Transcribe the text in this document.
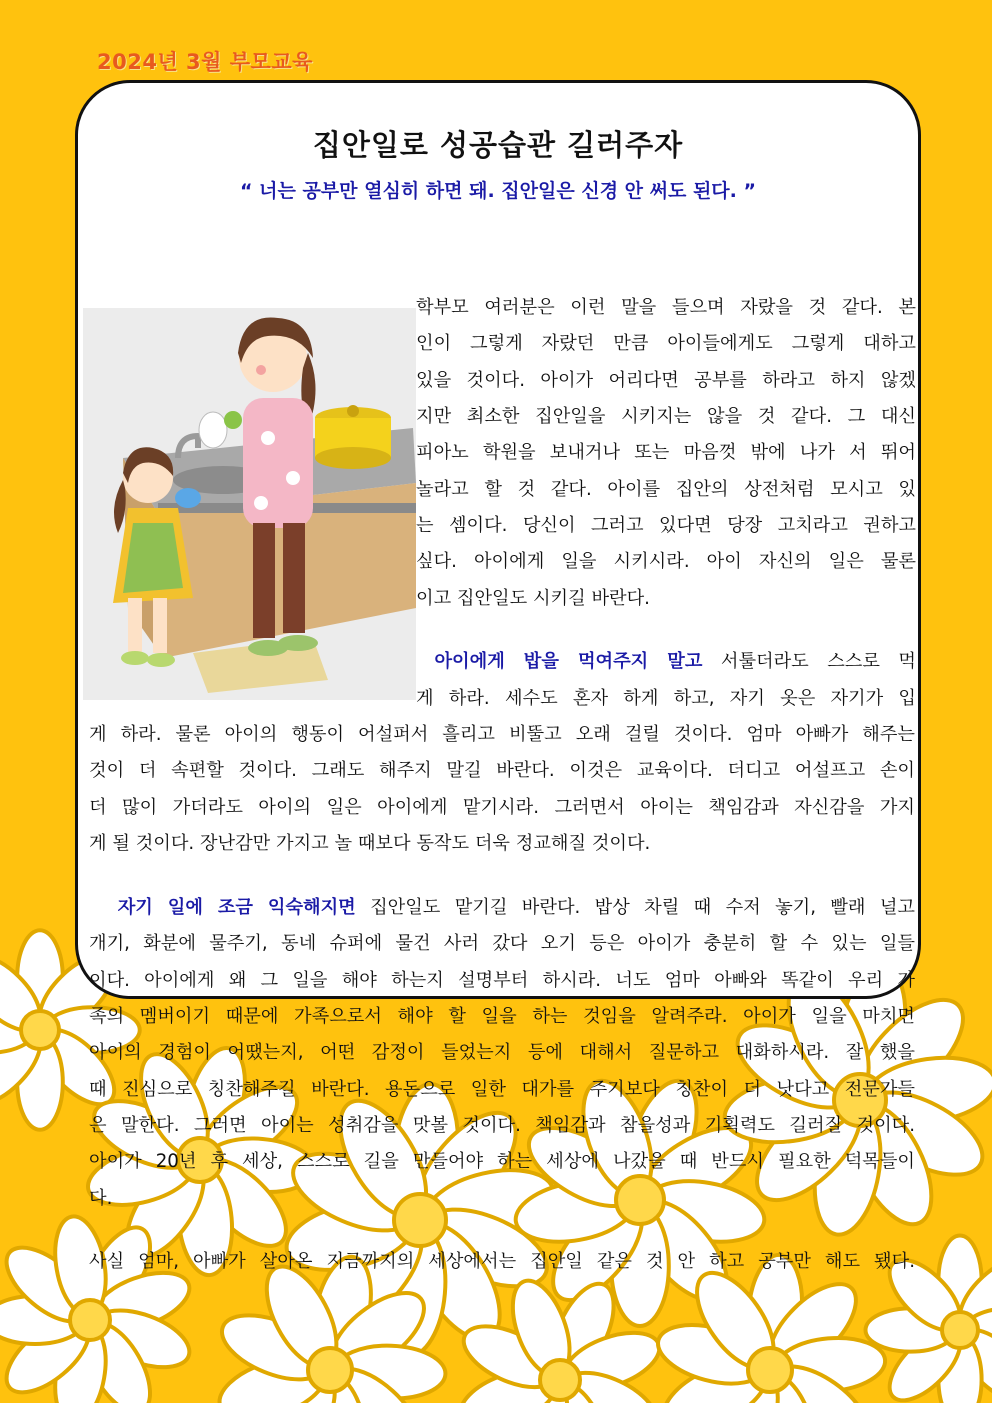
2024년 3월 부모교육
집안일로 성공습관 길러주자
“ 너는 공부만 열심히 하면 돼. 집안일은 신경 안 써도 된다. ”
학부모 여러분은 이런 말을 들으며 자랐을 것 같다. 본
인이 그렇게 자랐던 만큼 아이들에게도 그렇게 대하고
있을 것이다. 아이가 어리다면 공부를 하라고 하지 않겠
지만 최소한 집안일을 시키지는 않을 것 같다. 그 대신
피아노 학원을 보내거나 또는 마음껏 밖에 나가 서 뛰어
놀라고 할 것 같다. 아이를 집안의 상전처럼 모시고 있
는 셈이다. 당신이 그러고 있다면 당장 고치라고 권하고
싶다. 아이에게 일을 시키시라. 아이 자신의 일은 물론
이고 집안일도 시키길 바란다.
아이에게 밥을 먹여주지 말고 서툴더라도 스스로 먹
게 하라. 세수도 혼자 하게 하고, 자기 옷은 자기가 입
게 하라. 물론 아이의 행동이 어설퍼서 흘리고 비뚤고 오래 걸릴 것이다. 엄마 아빠가 해주는
것이 더 속편할 것이다. 그래도 해주지 말길 바란다. 이것은 교육이다. 더디고 어설프고 손이
더 많이 가더라도 아이의 일은 아이에게 맡기시라. 그러면서 아이는 책임감과 자신감을 가지
게 될 것이다. 장난감만 가지고 놀 때보다 동작도 더욱 정교해질 것이다.
자기 일에 조금 익숙해지면 집안일도 맡기길 바란다. 밥상 차릴 때 수저 놓기, 빨래 널고
개기, 화분에 물주기, 동네 슈퍼에 물건 사러 갔다 오기 등은 아이가 충분히 할 수 있는 일들
이다. 아이에게 왜 그 일을 해야 하는지 설명부터 하시라. 너도 엄마 아빠와 똑같이 우리 가
족의 멤버이기 때문에 가족으로서 해야 할 일을 하는 것임을 알려주라. 아이가 일을 마치면
아이의 경험이 어땠는지, 어떤 감정이 들었는지 등에 대해서 질문하고 대화하시라. 잘 했을
때 진심으로 칭찬해주길 바란다. 용돈으로 일한 대가를 주기보다 칭찬이 더 낫다고 전문가들
은 말한다. 그러면 아이는 성취감을 맛볼 것이다. 책임감과 참을성과 기획력도 길러질 것이다.
아이가 20년 후 세상, 스스로 길을 만들어야 하는 세상에 나갔을 때 반드시 필요한 덕목들이
다.
사실 엄마, 아빠가 살아온 지금까지의 세상에서는 집안일 같은 것 안 하고 공부만 해도 됐다.
